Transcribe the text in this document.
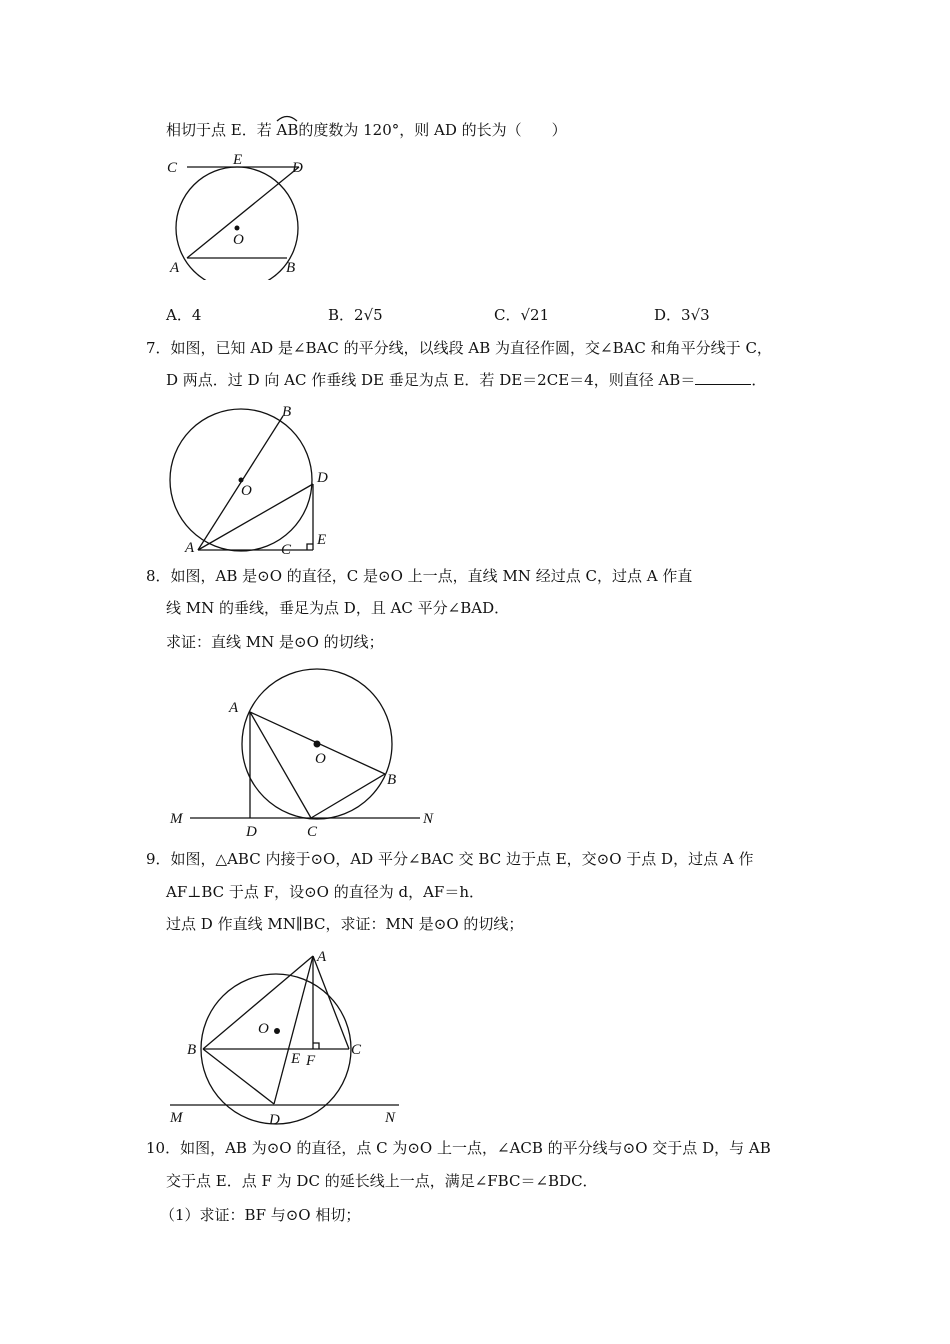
相切于点 E．若
AB的度数为 120°，则 AD 的长为（　　）
C	E	D
O
A	B
A．4	B．2√5	C．√21	D．3√3
7．如图，已知 AD 是∠BAC 的平分线，以线段 AB 为直径作圆，交∠BAC 和角平分线于 C，
D 两点．过 D 向 AC 作垂线 DE 垂足为点 E．若 DE＝2CE＝4，则直径 AB＝	．
B
O
D
A	C
E
8．如图，AB 是⊙O 的直径，C 是⊙O 上一点，直线 MN 经过点 C，过点 A 作直
线 MN 的垂线，垂足为点 D，且 AC 平分∠BAD．
求证：直线 MN 是⊙O 的切线；
A
O
B
M
D	C
N
9．如图，△ABC 内接于⊙O，AD 平分∠BAC 交 BC 边于点 E，交⊙O 于点 D，过点 A 作
AF⊥BC 于点 F，设⊙O 的直径为 d，AF＝h．
过点 D 作直线 MN∥BC，求证：MN 是⊙O 的切线；
A
O
B
E F
C
M	D	N
10．如图，AB 为⊙O 的直径，点 C 为⊙O 上一点，∠ACB 的平分线与⊙O 交于点 D，与 AB
交于点 E．点 F 为 DC 的延长线上一点，满足∠FBC＝∠BDC．
（1）求证：BF 与⊙O 相切；
